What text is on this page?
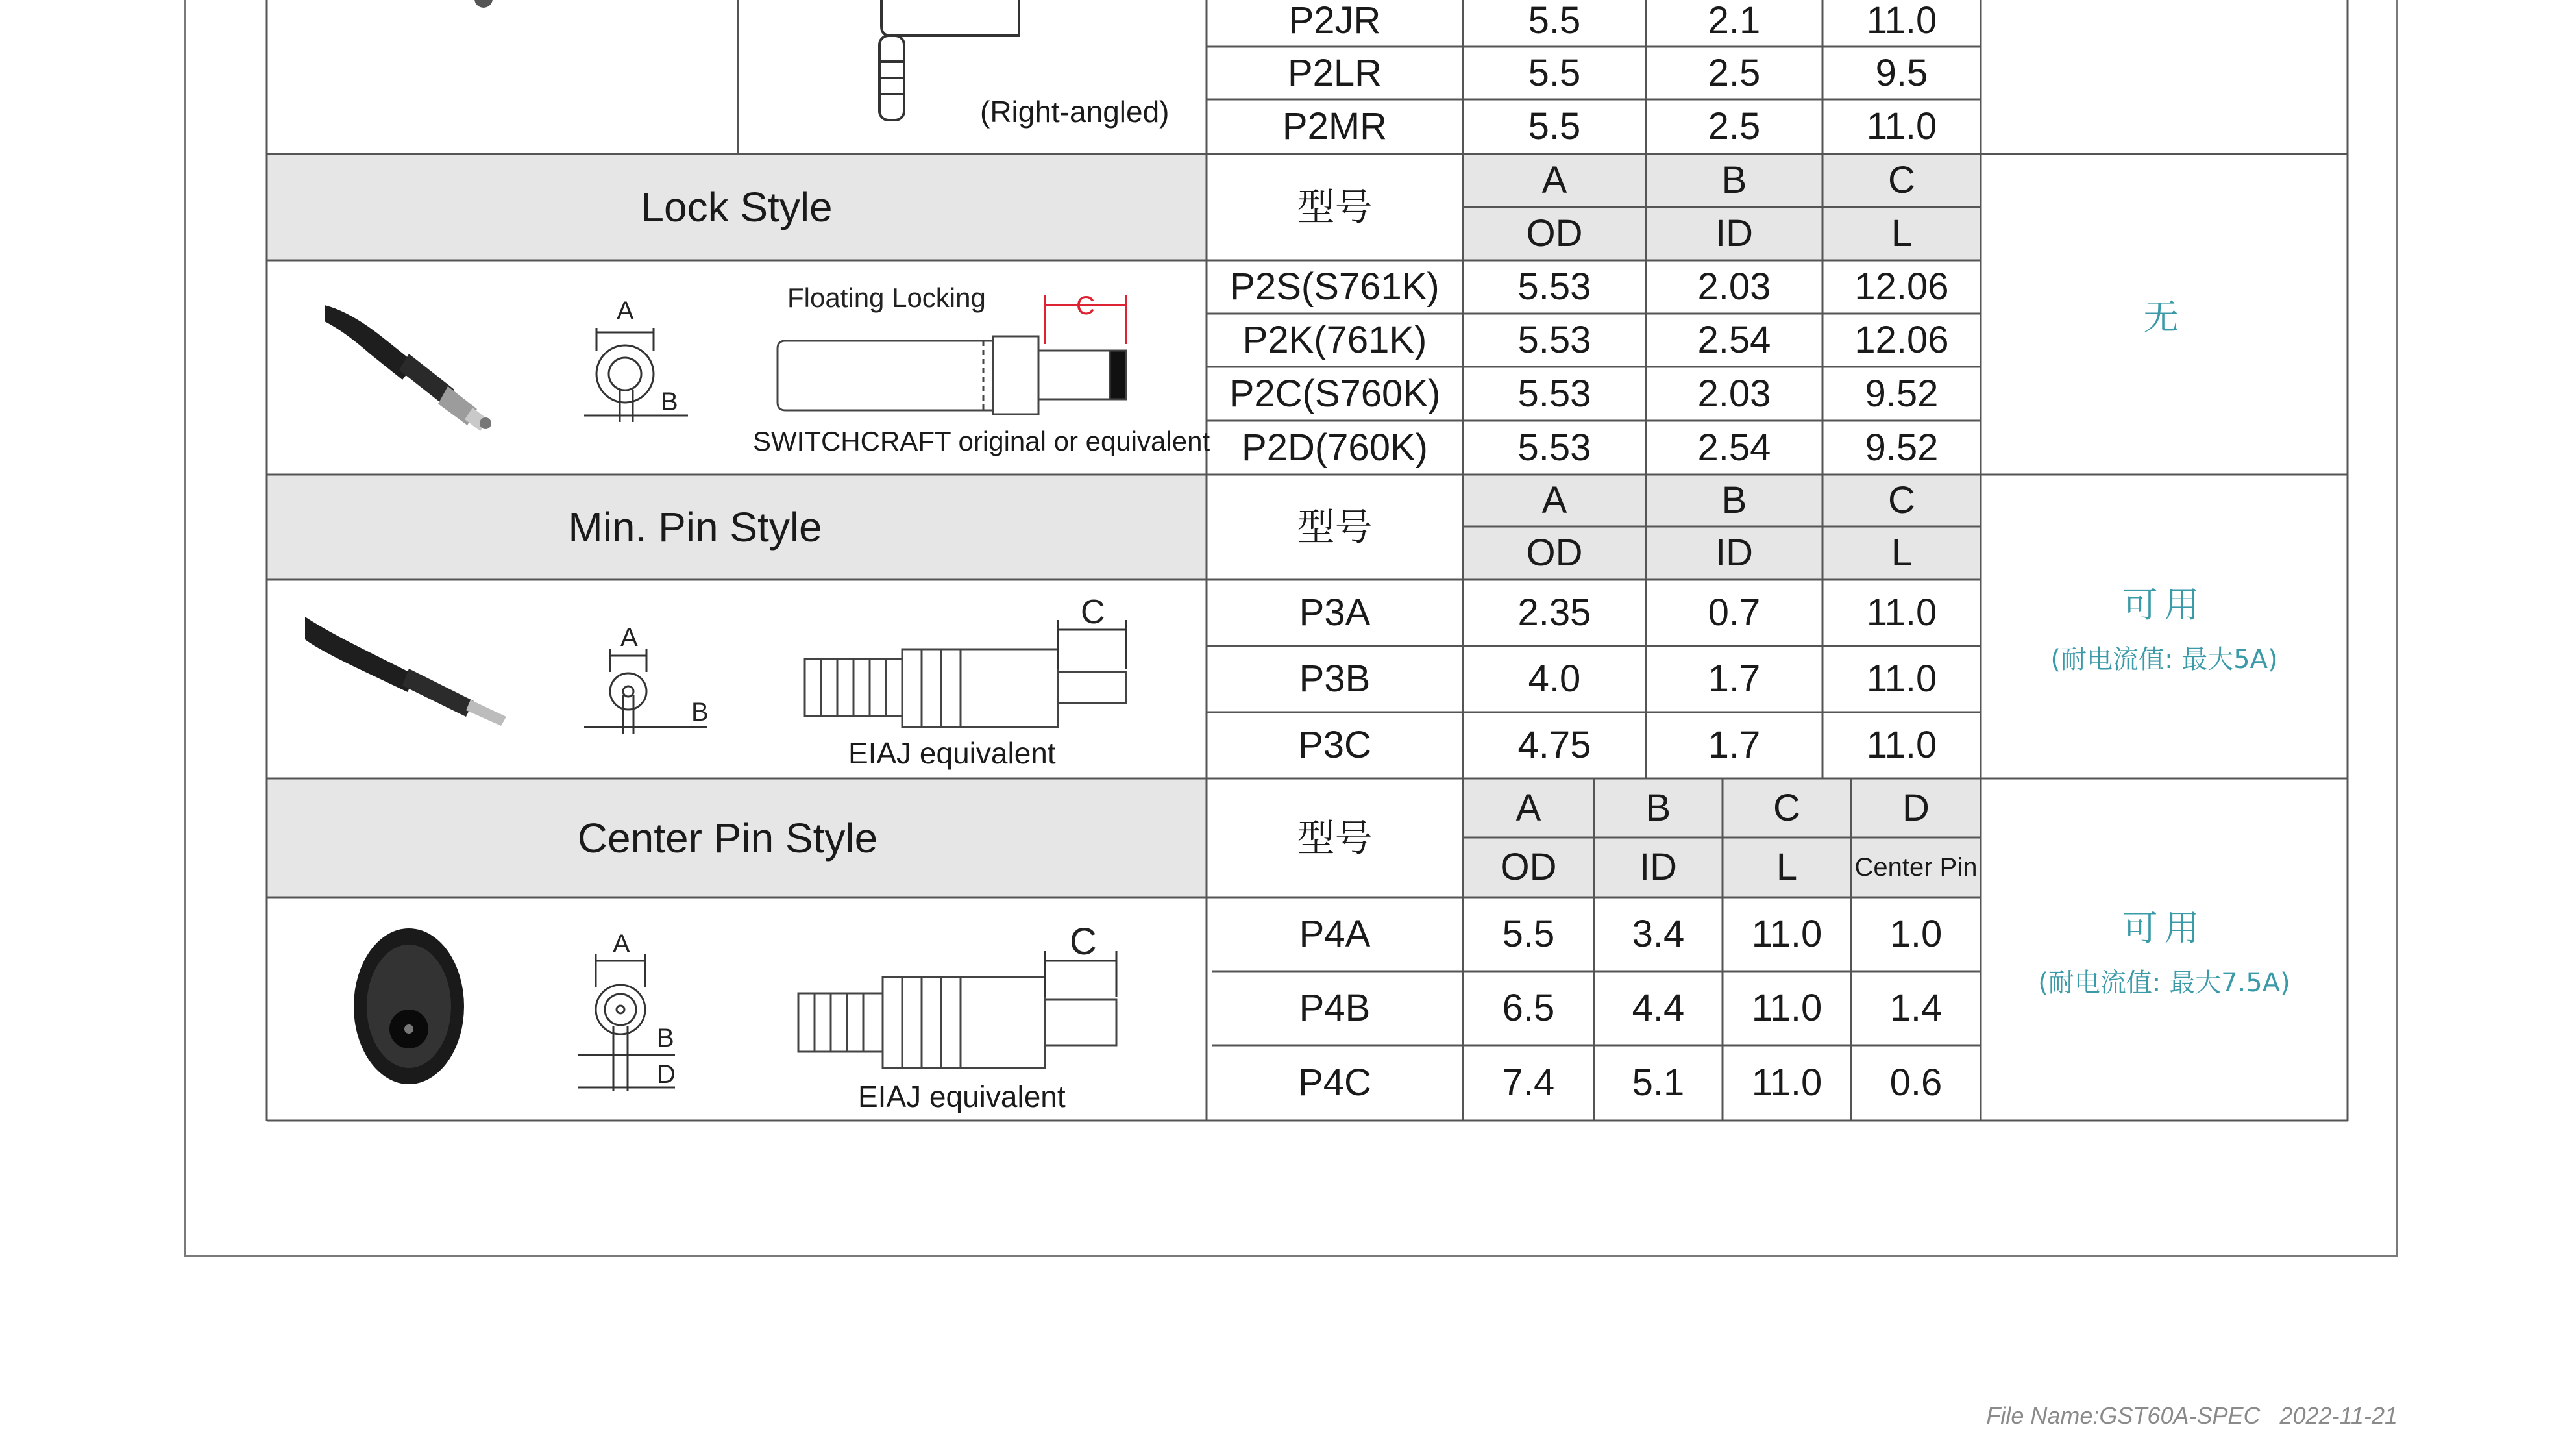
A
B
C
Floating Locking
A
B
C
A
B
D
C
(Right-angled)
P2JR	5.5	2.1	11.0
P2LR	5.5	2.5	9.5
P2MR	5.5	2.5	11.0
Lock Style	型号
A	B	C
OD	ID	L
P2S(S761K)	5.53	2.03	12.06
P2K(761K)	5.53	2.54	12.06
P2C(S760K)	5.53	2.03	9.52
P2D(760K)	5.53	2.54	9.52
无
SWITCHCRAFT original or equivalent
Min. Pin Style	型号
A	B	C
OD	ID	L
P3A	2.35	0.7	11.0
P3B	4.0	1.7	11.0
P3C	4.75	1.7	11.0
可用
(耐电流值: 最大5A)
EIAJ equivalent
Center Pin Style	型号
A	B	C	D
OD	ID	L	Center Pin
P4A	5.5	3.4	11.0	1.0
P4B	6.5	4.4	11.0	1.4
P4C	7.4	5.1	11.0	0.6
可用
(耐电流值: 最大7.5A)
EIAJ equivalent
File Name:GST60A-SPEC 2022-11-21
